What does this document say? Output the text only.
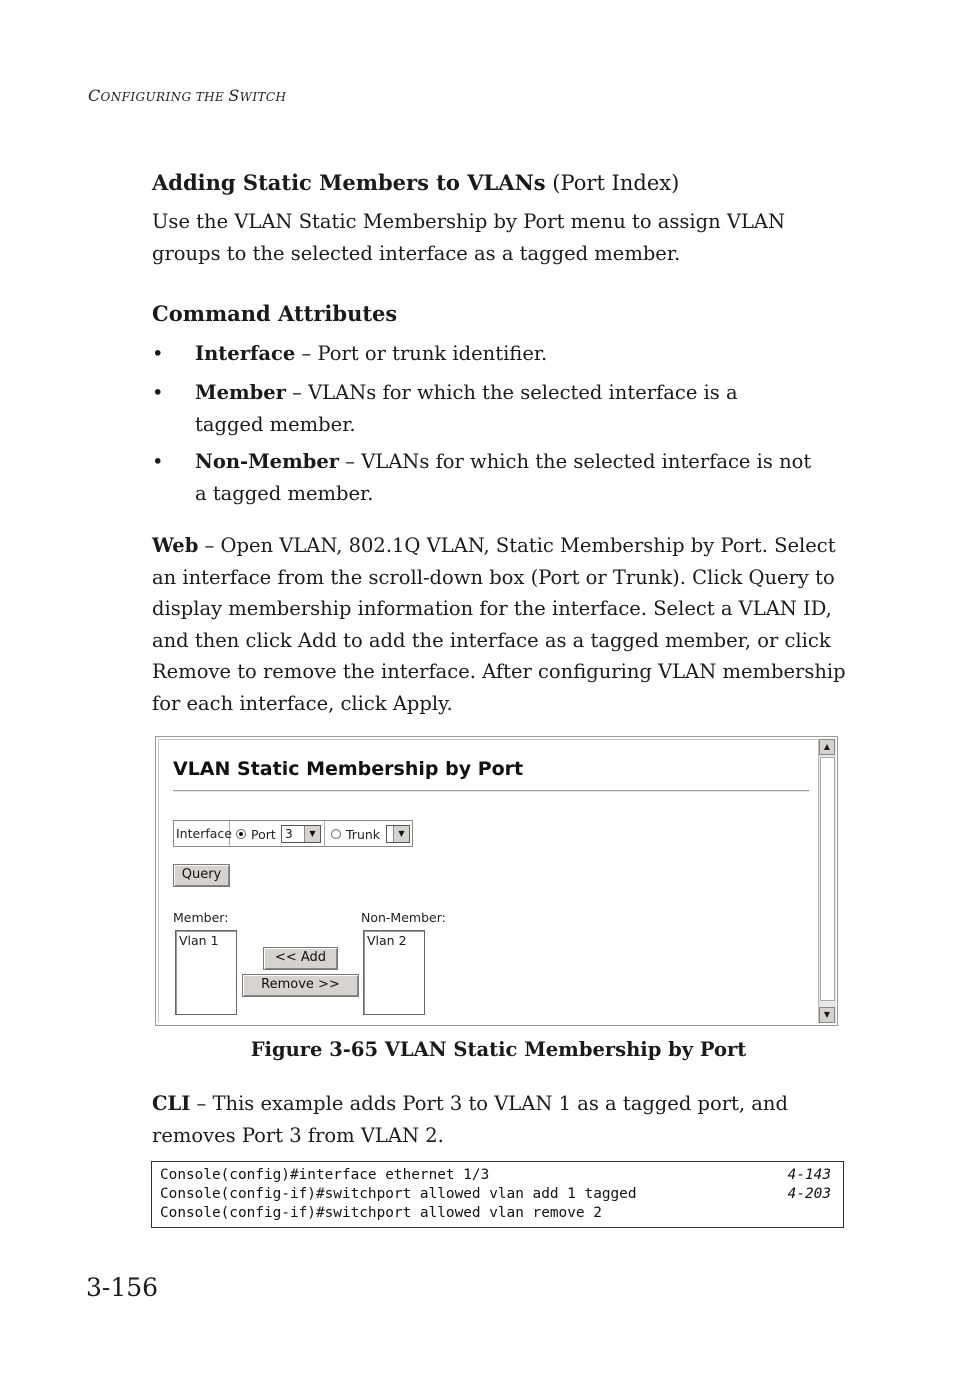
CONFIGURING THE SWITCH
Adding Static Members to VLANs (Port Index)

Use the VLAN Static Membership by Port menu to assign VLAN groups to the selected interface as a tagged member.

Command Attributes
• Interface – Port or trunk identifier.
• Member – VLANs for which the selected interface is a tagged member.
• Non-Member – VLANs for which the selected interface is not a tagged member.

Web – Open VLAN, 802.1Q VLAN, Static Membership by Port. Select an interface from the scroll-down box (Port or Trunk). Click Query to display membership information for the interface. Select a VLAN ID, and then click Add to add the interface as a tagged member, or click Remove to remove the interface. After configuring VLAN membership for each interface, click Apply.

VLAN Static Membership by Port
Interface Port 3	▼	Trunk	▼
Query
Member:
Vlan 1
<< Add
Remove >>
Non-Member:
Vlan 2
▲
▼
Figure 3-65 VLAN Static Membership by Port

CLI – This example adds Port 3 to VLAN 1 as a tagged port, and removes Port 3 from VLAN 2.

Console(config)#interface ethernet 1/3	4-143
Console(config-if)#switchport allowed vlan add 1 tagged	4-203
Console(config-if)#switchport allowed vlan remove 2
3-156
